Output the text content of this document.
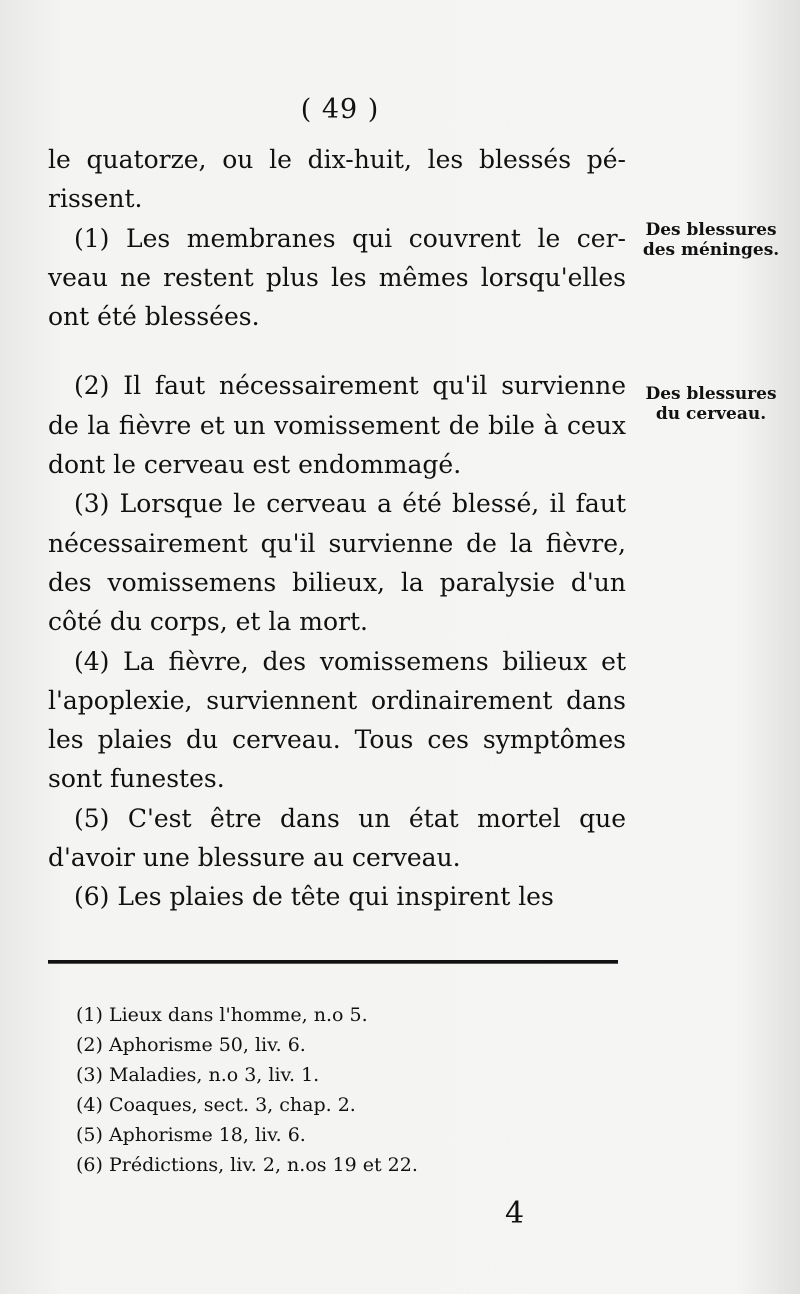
( 49 )

le quatorze, ou le dix-huit, les blessés pé-rissent.

(1) Les membranes qui couvrent le cer-veau ne restent plus les mêmes lorsqu'elles ont été blessées.

(2) Il faut nécessairement qu'il survienne de la fièvre et un vomissement de bile à ceux dont le cerveau est endommagé.

(3) Lorsque le cerveau a été blessé, il faut nécessairement qu'il survienne de la fièvre, des vomissemens bilieux, la paralysie d'un côté du corps, et la mort.

(4) La fièvre, des vomissemens bilieux et l'apoplexie, surviennent ordinairement dans les plaies du cerveau. Tous ces symptômes sont funestes.

(5) C'est être dans un état mortel que d'avoir une blessure au cerveau.

(6) Les plaies de tête qui inspirent les

Des blessures des méninges.
Des blessures du cerveau.
(1) Lieux dans l'homme, n.o 5.
(2) Aphorisme 50, liv. 6.
(3) Maladies, n.o 3, liv. 1.
(4) Coaques, sect. 3, chap. 2.
(5) Aphorisme 18, liv. 6.
(6) Prédictions, liv. 2, n.os 19 et 22.
4
